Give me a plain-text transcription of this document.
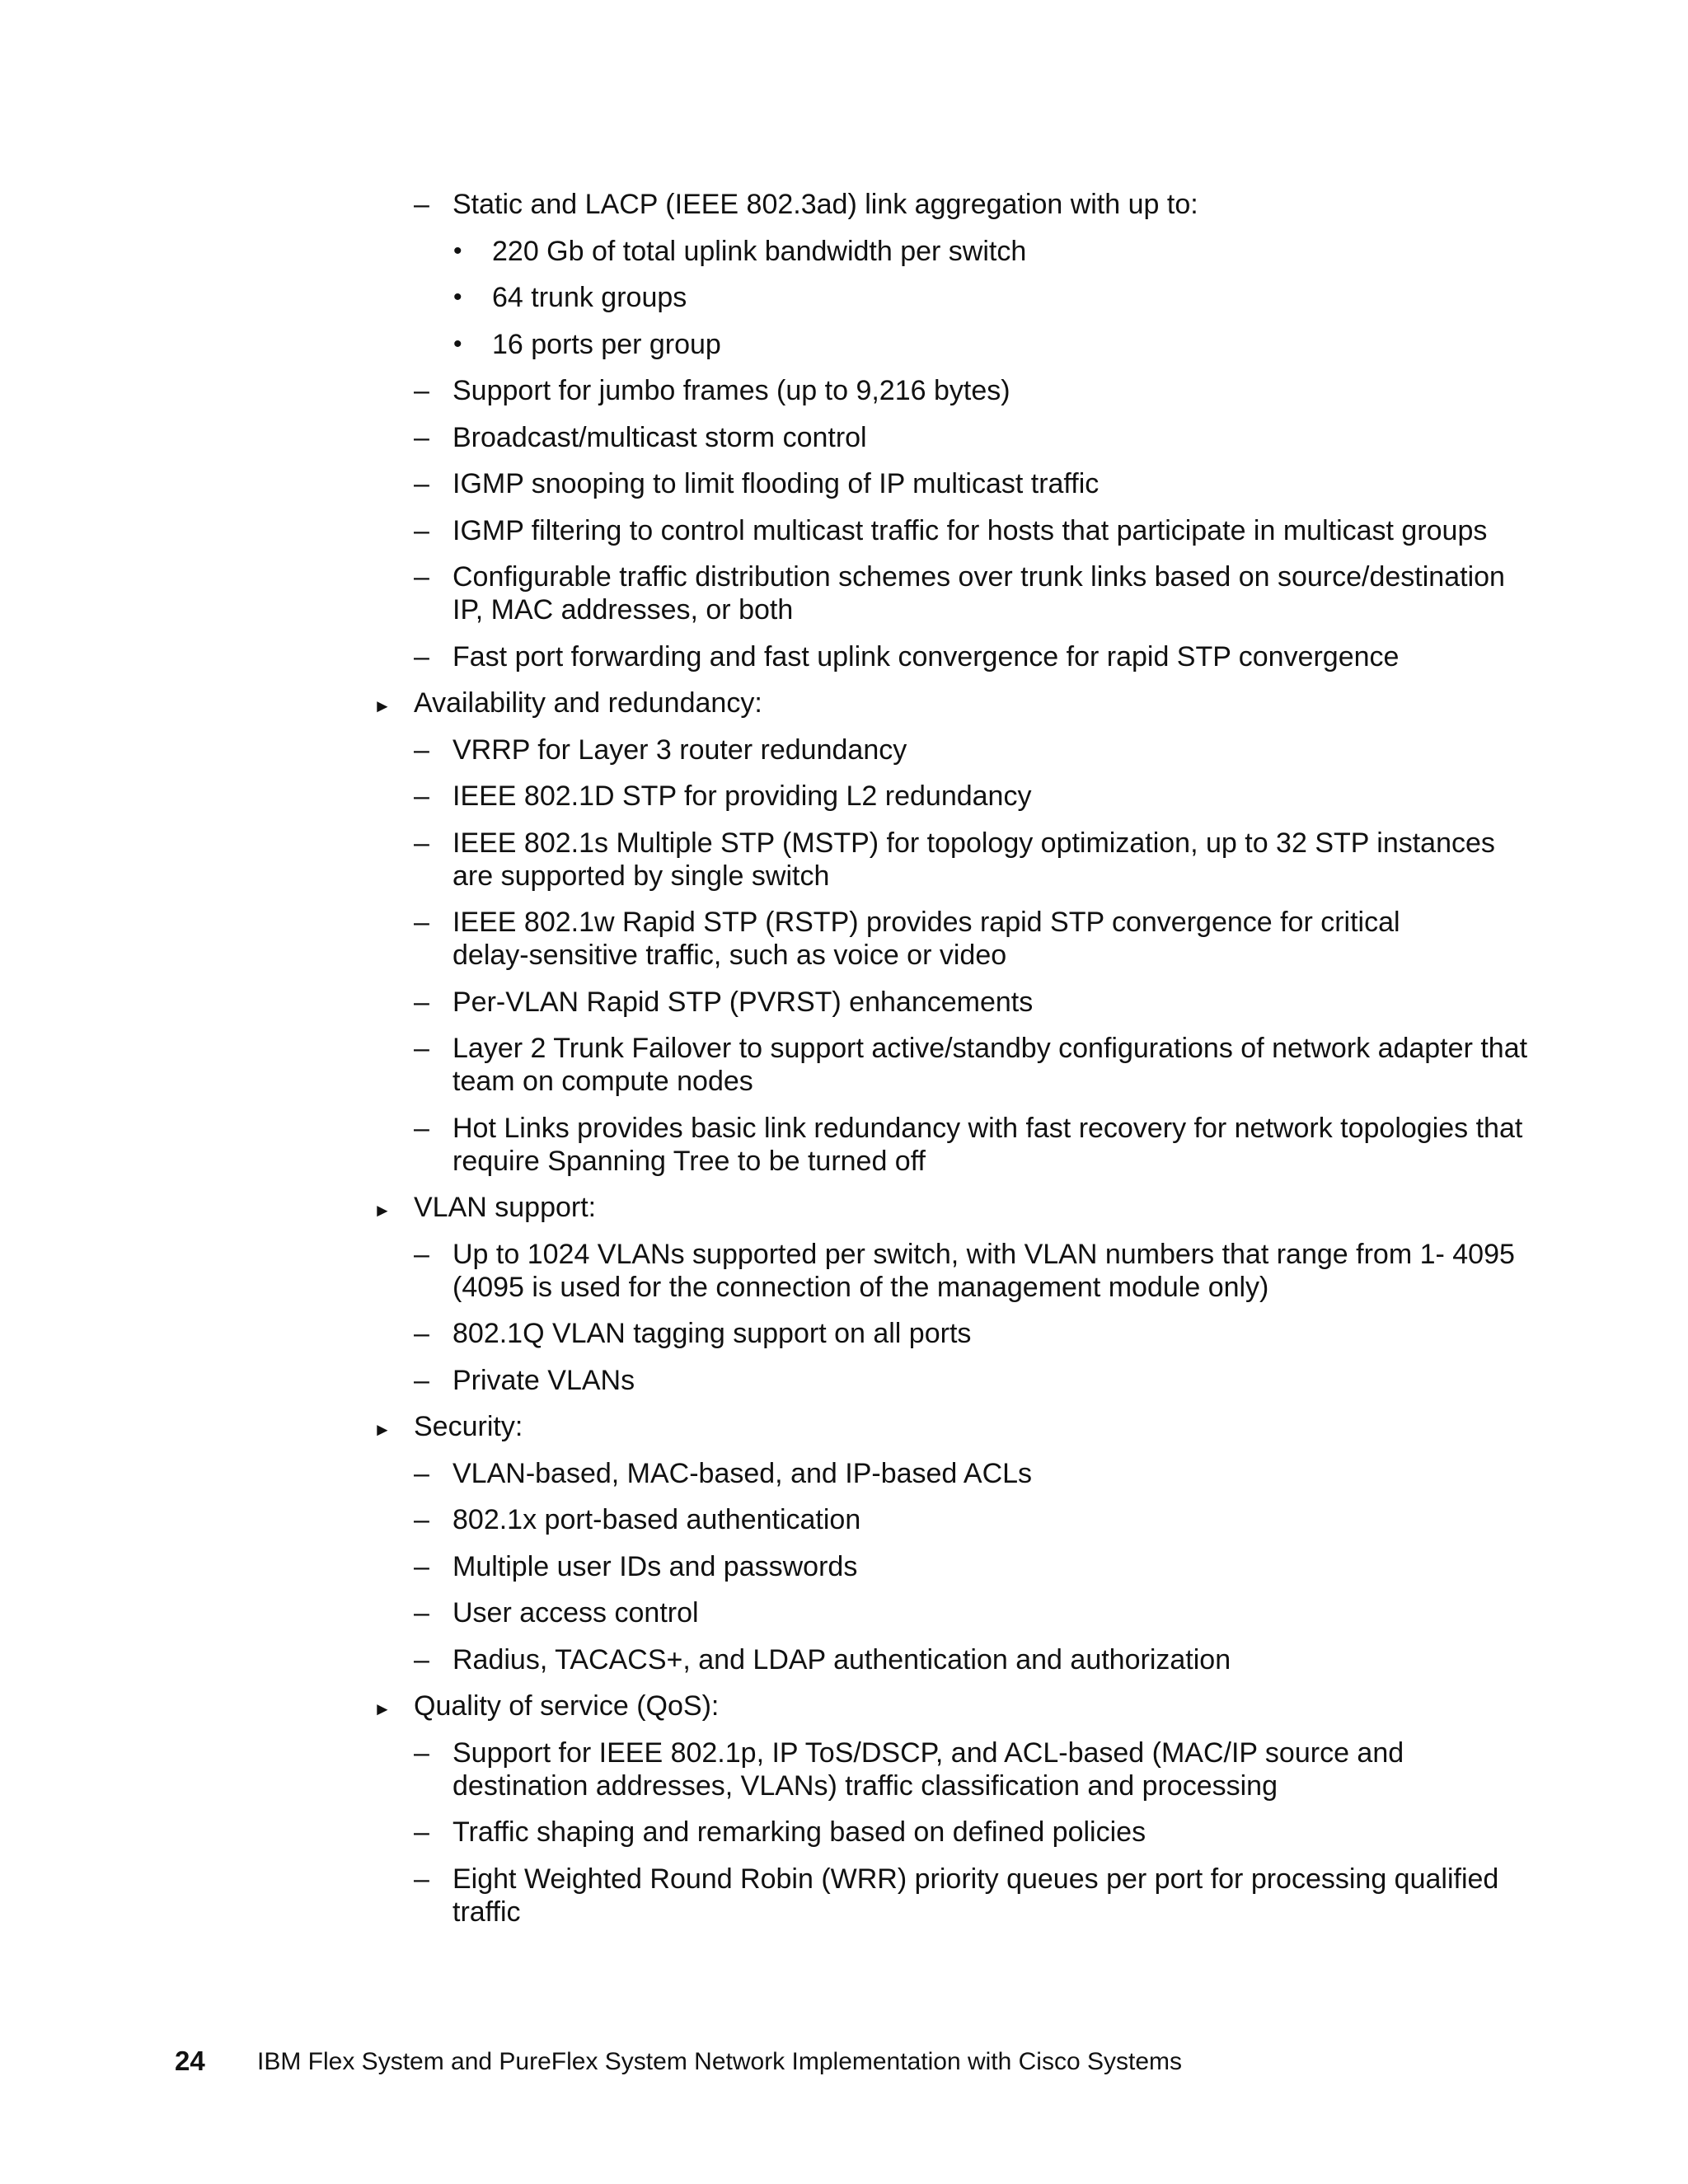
– Static and LACP (IEEE 802.3ad) link aggregation with up to:
• 220 Gb of total uplink bandwidth per switch
• 64 trunk groups
• 16 ports per group
– Support for jumbo frames (up to 9,216 bytes)
– Broadcast/multicast storm control
– IGMP snooping to limit flooding of IP multicast traffic
– IGMP filtering to control multicast traffic for hosts that participate in multicast groups
– Configurable traffic distribution schemes over trunk links based on source/destination
IP, MAC addresses, or both
– Fast port forwarding and fast uplink convergence for rapid STP convergence
► Availability and redundancy:
– VRRP for Layer 3 router redundancy
– IEEE 802.1D STP for providing L2 redundancy
– IEEE 802.1s Multiple STP (MSTP) for topology optimization, up to 32 STP instances
are supported by single switch
– IEEE 802.1w Rapid STP (RSTP) provides rapid STP convergence for critical
delay-sensitive traffic, such as voice or video
– Per-VLAN Rapid STP (PVRST) enhancements
– Layer 2 Trunk Failover to support active/standby configurations of network adapter that
team on compute nodes
– Hot Links provides basic link redundancy with fast recovery for network topologies that
require Spanning Tree to be turned off
► VLAN support:
– Up to 1024 VLANs supported per switch, with VLAN numbers that range from 1- 4095
(4095 is used for the connection of the management module only)
– 802.1Q VLAN tagging support on all ports
– Private VLANs
► Security:
– VLAN-based, MAC-based, and IP-based ACLs
– 802.1x port-based authentication
– Multiple user IDs and passwords
– User access control
– Radius, TACACS+, and LDAP authentication and authorization
► Quality of service (QoS):
– Support for IEEE 802.1p, IP ToS/DSCP, and ACL-based (MAC/IP source and
destination addresses, VLANs) traffic classification and processing
– Traffic shaping and remarking based on defined policies
– Eight Weighted Round Robin (WRR) priority queues per port for processing qualified
traffic
24 IBM Flex System and PureFlex System Network Implementation with Cisco Systems
